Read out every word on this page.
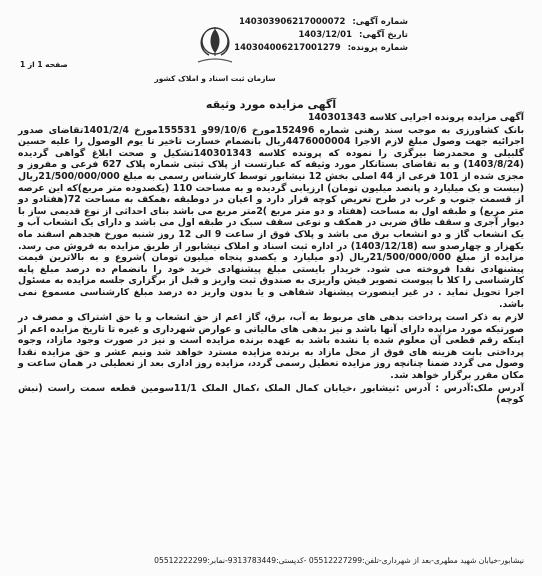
شماره آگهی: 140303906217000072
تاریخ آگهی: 1403/12/01
شماره پرونده: 140304006217001279
سازمان ثبت اسناد و املاک کشور
صفحه 1 از 1
آگهی مزایده مورد وثیقه

آگهی مزایده پرونده اجرایی کلاسه 140301343

بانک کشاورزی به موجب سند رهنی شماره 152496مورخ 99/10/6و 155531مورخ 1401/2/4تقاضای صدور اجرائیه جهت وصول مبلغ لازم الاجرا 4476000004ریال بانضمام خسارت تاخیر تا یوم الوصول را علیه حسین گلبیلی و محمدرضا بیرگزی را نموده که پرونده کلاسه 140301343تشکیل و صحت ابلاغ گواهی گردیده (1403/8/24) و به تقاضای بستانکار مورد وثیقه که عبارتست از پلاک ثبتی شماره پلاک 627 فرعی و مفروز و مجزی شده از 101 فرعی از 44 اصلی بخش 12 نیشابور توسط کارشناس رسمی به مبلغ 21/500/000/000ریال (بیست و یک میلیارد و پانصد میلیون تومان) ارزیابی گردیده و به مساحت 110 (یکصدوده متر مربع)که این عرصه از قسمت جنوب و غرب در طرح تعریض کوچه قرار دارد و اعیان در دوطبقه ،همکف به مساحت 72(هفتادو دو متر مربع) و طبقه اول به مساحت (هفتاد و دو متر مربع )2متر مربع می باشد بنای احداثی از نوع قدیمی ساز با دیوار آجری و سقف طاق ضربی در همکف و نوعی سقف سبک در طبقه اول می باشد و دارای یک انشعاب آب و یک انشعاب گاز و دو انشعاب برق می باشد و پلاک فوق از ساعت 9 الی 12 روز شنبه مورخ هجدهم اسفند ماه یکهزار و چهارصدو سه (1403/12/18) در اداره ثبت اسناد و املاک نیشابور از طریق مزایده به فروش می رسد. مزایده از مبلغ 21/500/000/000ریال (دو میلیارد و یکصدو پنجاه میلیون تومان )شروع و به بالاترین قیمت پیشنهادی نقدا فروخته می شود. خریدار بایستی مبلغ پیشنهادی خرید خود را بانضمام ده درصد مبلغ پایه کارشناسی را کلا با پیوست تصویر فیش واریزی به صندوق ثبت واریز و قبل از برگزاری جلسه مزایده به مسئول اجرا تحویل نماید . در غیر اینصورت پیشنهاد شفاهی و یا بدون واریز ده درصد مبلغ کارشناسی مسموع نمی باشد.

لازم به ذکر است پرداخت بدهی های مربوط به آب، برق، گاز اعم از حق انشعاب و یا حق اشتراک و مصرف در صورتیکه مورد مزایده دارای آنها باشد و نیز بدهی های مالیاتی و عوارض شهرداری و غیره تا تاریخ مزایده اعم از اینکه رقم قطعی آن معلوم شده یا نشده باشد به عهده برنده مزایده است و نیز در صورت وجود مازاد، وجوه پرداختی بابت هزینه های فوق از محل مازاد به برنده مزایده مسترد خواهد شد ونیم عشر و حق مزایده نقدا وصول می گردد ضمنا چنانچه روز مزایده تعطیل رسمی گردد، مزایده روز اداری بعد از تعطیلی در همان ساعت و مکان مقرر برگزار خواهد شد.

آدرس ملک:آدرس : آدرس :نیشابور ،خیابان کمال الملک ،کمال الملک 11/1سومین قطعه سمت راست (نبش کوچه)

نیشابور-خیابان شهید مطهری-بعد از شهرداری-تلفن:05512227299 -کدپستی:9313783449-نمابر:05512222299
